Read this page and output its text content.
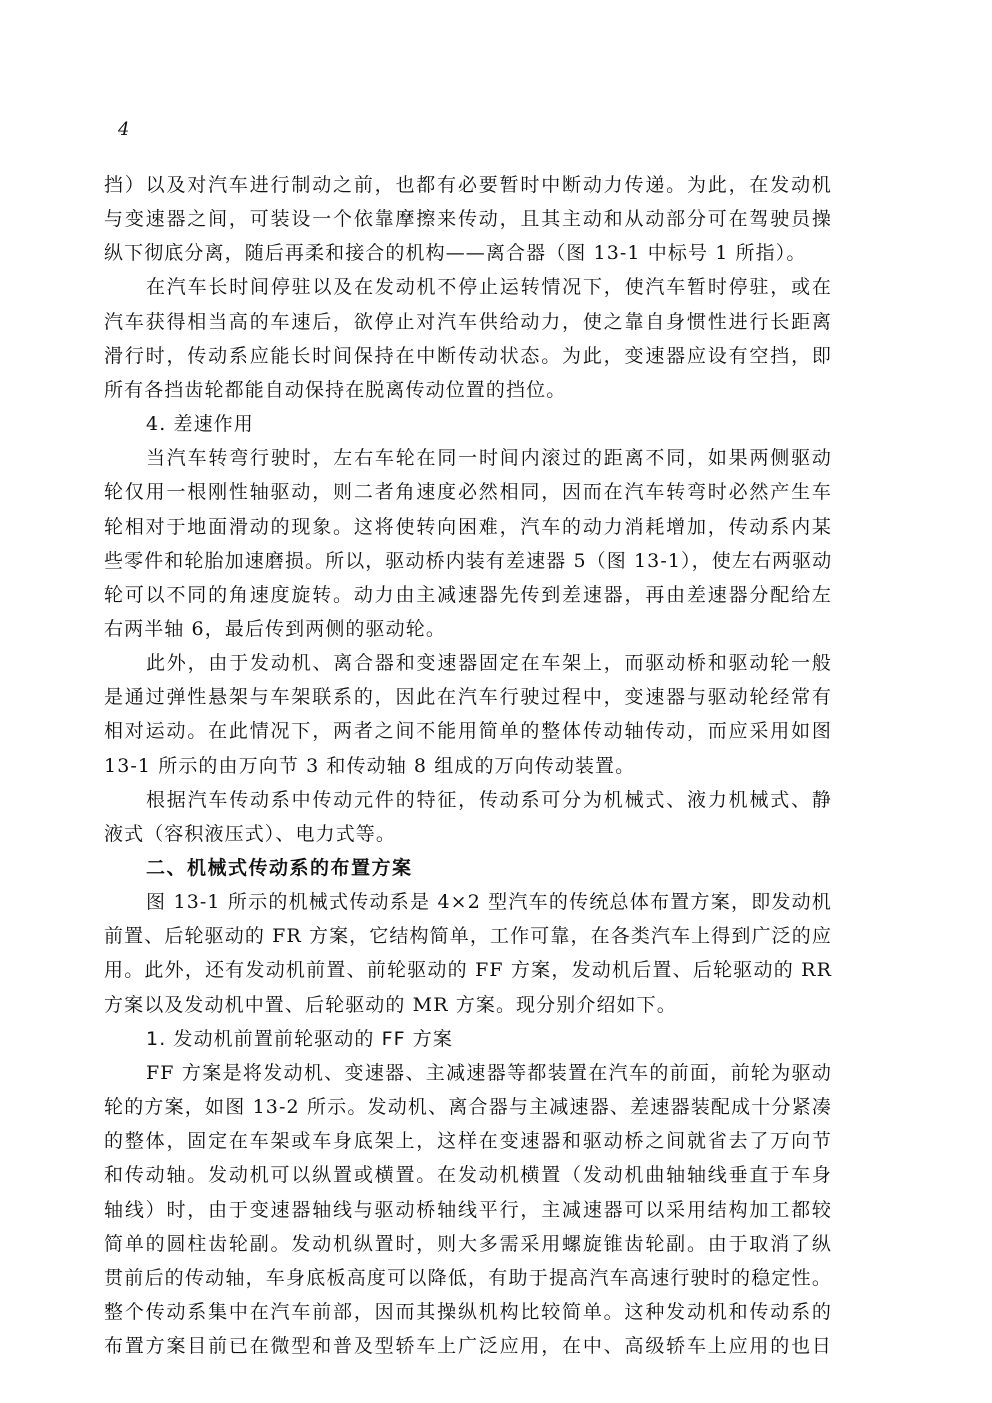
4
挡）以及对汽车进行制动之前，也都有必要暂时中断动力传递。为此，在发动机
与变速器之间，可装设一个依靠摩擦来传动，且其主动和从动部分可在驾驶员操
纵下彻底分离，随后再柔和接合的机构——离合器（图 13-1 中标号 1 所指）。
在汽车长时间停驻以及在发动机不停止运转情况下，使汽车暂时停驻，或在
汽车获得相当高的车速后，欲停止对汽车供给动力，使之靠自身惯性进行长距离
滑行时，传动系应能长时间保持在中断传动状态。为此，变速器应设有空挡，即
所有各挡齿轮都能自动保持在脱离传动位置的挡位。
4. 差速作用
当汽车转弯行驶时，左右车轮在同一时间内滚过的距离不同，如果两侧驱动
轮仅用一根刚性轴驱动，则二者角速度必然相同，因而在汽车转弯时必然产生车
轮相对于地面滑动的现象。这将使转向困难，汽车的动力消耗增加，传动系内某
些零件和轮胎加速磨损。所以，驱动桥内装有差速器 5（图 13-1），使左右两驱动
轮可以不同的角速度旋转。动力由主减速器先传到差速器，再由差速器分配给左
右两半轴 6，最后传到两侧的驱动轮。
此外，由于发动机、离合器和变速器固定在车架上，而驱动桥和驱动轮一般
是通过弹性悬架与车架联系的，因此在汽车行驶过程中，变速器与驱动轮经常有
相对运动。在此情况下，两者之间不能用简单的整体传动轴传动，而应采用如图
13-1 所示的由万向节 3 和传动轴 8 组成的万向传动装置。
根据汽车传动系中传动元件的特征，传动系可分为机械式、液力机械式、静
液式（容积液压式）、电力式等。
二、机械式传动系的布置方案
图 13-1 所示的机械式传动系是 4×2 型汽车的传统总体布置方案，即发动机
前置、后轮驱动的 FR 方案，它结构简单，工作可靠，在各类汽车上得到广泛的应
用。此外，还有发动机前置、前轮驱动的 FF 方案，发动机后置、后轮驱动的 RR
方案以及发动机中置、后轮驱动的 MR 方案。现分别介绍如下。
1. 发动机前置前轮驱动的 FF 方案
FF 方案是将发动机、变速器、主减速器等都装置在汽车的前面，前轮为驱动
轮的方案，如图 13-2 所示。发动机、离合器与主减速器、差速器装配成十分紧凑
的整体，固定在车架或车身底架上，这样在变速器和驱动桥之间就省去了万向节
和传动轴。发动机可以纵置或横置。在发动机横置（发动机曲轴轴线垂直于车身
轴线）时，由于变速器轴线与驱动桥轴线平行，主减速器可以采用结构加工都较
简单的圆柱齿轮副。发动机纵置时，则大多需采用螺旋锥齿轮副。由于取消了纵
贯前后的传动轴，车身底板高度可以降低，有助于提高汽车高速行驶时的稳定性。
整个传动系集中在汽车前部，因而其操纵机构比较简单。这种发动机和传动系的
布置方案目前已在微型和普及型轿车上广泛应用，在中、高级轿车上应用的也日
